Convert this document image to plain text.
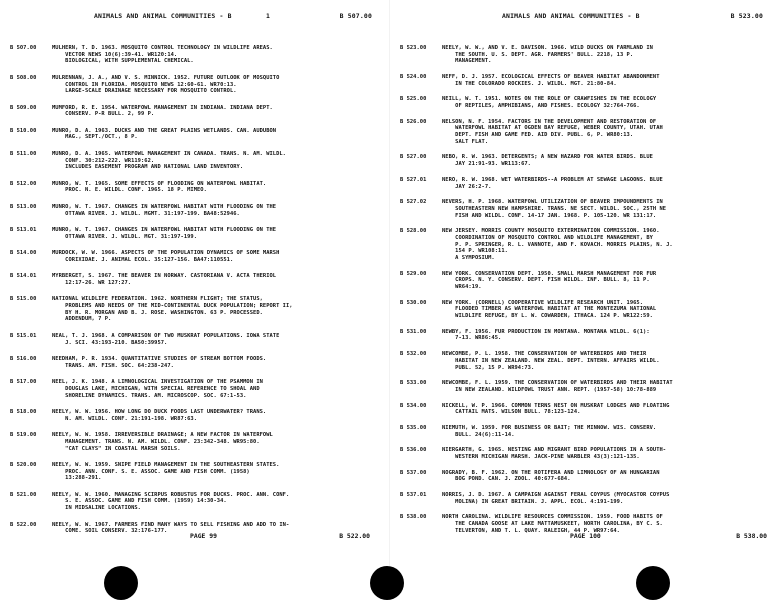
ANIMALS AND ANIMAL COMMUNITIES - B	1	B 507.00
B 507.00	MULHERN, T. D. 1963. MOSQUITO CONTROL TECHNOLOGY IN WILDLIFE AREAS.
VECTOR NEWS 10(6):39-41. WR120:14.
BIOLOGICAL, WITH SUPPLEMENTAL CHEMICAL.
B 508.00	MULRENNAN, J. A., AND V. S. MINNICK. 1952. FUTURE OUTLOOK OF MOSQUITO
CONTROL IN FLORIDA. MOSQUITO NEWS 12:60-61. WR70:13.
LARGE-SCALE DRAINAGE NECESSARY FOR MOSQUITO CONTROL.
B 509.00	MUMFORD, R. E. 1954. WATERFOWL MANAGEMENT IN INDIANA. INDIANA DEPT.
CONSERV. P-R BULL. 2, 99 P.
B 510.00	MUNRO, D. A. 1963. DUCKS AND THE GREAT PLAINS WETLANDS. CAN. AUDUBON
MAG., SEPT./OCT., 8 P.
B 511.00	MUNRO, D. A. 1965. WATERFOWL MANAGEMENT IN CANADA. TRANS. N. AM. WILDL.
CONF. 30:212-222. WR119:62.
INCLUDES EASEMENT PROGRAM AND NATIONAL LAND INVENTORY.
B 512.00	MUNRO, W. T. 1965. SOME EFFECTS OF FLOODING ON WATERFOWL HABITAT.
PROC. N. E. WILDL. CONF. 1965. 18 P. MIMEO.
B 513.00	MUNRO, W. T. 1967. CHANGES IN WATERFOWL HABITAT WITH FLOODING ON THE
OTTAWA RIVER. J. WILDL. MGMT. 31:197-199. BA48:52946.
B 513.01	MUNRO, W. T. 1967. CHANGES IN WATERFOWL HABITAT WITH FLOODING ON THE
OTTAWA RIVER. J. WILDL. MGT. 31:197-199.
B 514.00	MURDOCK, W. W. 1966. ASPECTS OF THE POPULATION DYNAMICS OF SOME MARSH
CORIXIDAE. J. ANIMAL ECOL. 35:127-156. BA47:110551.
B 514.01	MYRBERGET, S. 1967. THE BEAVER IN NORWAY. CASTORIANA V. ACTA THERIOL
12:17-26. WR 127:27.
B 515.00	NATIONAL WILDLIFE FEDERATION. 1962. NORTHERN FLIGHT; THE STATUS,
PROBLEMS AND NEEDS OF THE MID-CONTINENTAL DUCK POPULATION; REPORT II,
BY H. R. MORGAN AND B. J. ROSE. WASHINGTON. 63 P. PROCESSED.
ADDENDUM, 7 P.
B 515.01	NEAL, T. J. 1968. A COMPARISON OF TWO MUSKRAT POPULATIONS. IOWA STATE
J. SCI. 43:193-210. BA50:39957.
B 516.00	NEEDHAM, P. R. 1934. QUANTITATIVE STUDIES OF STREAM BOTTOM FOODS.
TRANS. AM. FISH. SOC. 64:238-247.
B 517.00	NEEL, J. K. 1948. A LIMNOLOGICAL INVESTIGATION OF THE PSAMMON IN
DOUGLAS LAKE, MICHIGAN, WITH SPECIAL REFERENCE TO SHOAL AND
SHORELINE DYNAMICS. TRANS. AM. MICROSCOP. SOC. 67:1-53.
B 518.00	NEELY, W. W. 1956. HOW LONG DO DUCK FOODS LAST UNDERWATER? TRANS.
N. AM. WILDL. CONF. 21:191-198. WR87:63.
B 519.00	NEELY, W. W. 1958. IRREVERSIBLE DRAINAGE; A NEW FACTOR IN WATERFOWL
MANAGEMENT. TRANS. N. AM. WILDL. CONF. 23:342-348. WR95:80.
"CAT CLAYS" IN COASTAL MARSH SOILS.
B 520.00	NEELY, W. W. 1959. SNIPE FIELD MANAGEMENT IN THE SOUTHEASTERN STATES.
PROC. ANN. CONF. S. E. ASSOC. GAME AND FISH COMM. (1958)
13:288-291.
B 521.00	NEELY, W. W. 1960. MANAGING SCIRPUS ROBUSTUS FOR DUCKS. PROC. ANN. CONF.
S. E. ASSOC. GAME AND FISH COMM. (1959) 14:30-34.
IN MIDSALINE LOCATIONS.
B 522.00	NEELY, W. W. 1967. FARMERS FIND MANY WAYS TO SELL FISHING AND ADD TO IN-
COME. SOIL CONSERV. 32:176-177.
PAGE 99	B 522.00
ANIMALS AND ANIMAL COMMUNITIES - B	B 523.00
B 523.00	NEELY, W. W., AND V. E. DAVISON. 1966. WILD DUCKS ON FARMLAND IN
THE SOUTH. U. S. DEPT. AGR. FARMERS' BULL. 2218, 13 P.
MANAGEMENT.
B 524.00	NEFF, D. J. 1957. ECOLOGICAL EFFECTS OF BEAVER HABITAT ABANDONMENT
IN THE COLORADO ROCKIES. J. WILDL. MGT. 21:80-84.
B 525.00	NEILL, W. T. 1951. NOTES ON THE ROLE OF CRAWFISHES IN THE ECOLOGY
OF REPTILES, AMPHIBIANS, AND FISHES. ECOLOGY 32:764-766.
B 526.00	NELSON, N. F. 1954. FACTORS IN THE DEVELOPMENT AND RESTORATION OF
WATERFOWL HABITAT AT OGDEN BAY REFUGE, WEBER COUNTY, UTAH. UTAH
DEPT. FISH AND GAME FED. AID DIV. PUBL. 6, P. WR80:13.
SALT FLAT.
B 527.00	NEBO, R. W. 1963. DETERGENTS; A NEW HAZARD FOR WATER BIRDS. BLUE
JAY 21:91-93. WR113:67.
B 527.01	NERO, R. W. 1968. WET WATERBIRDS--A PROBLEM AT SEWAGE LAGOONS. BLUE
JAY 26:2-7.
B 527.02	NEVERS, H. P. 1968. WATERFOWL UTILIZATION OF BEAVER IMPOUNDMENTS IN
SOUTHEASTERN NEW HAMPSHIRE. TRANS. NE SECT. WILDL. SOC., 25TH NE
FISH AND WILDL. CONF. 14-17 JAN. 1968. P. 105-120. WR 131:17.
B 528.00	NEW JERSEY. MORRIS COUNTY MOSQUITO EXTERMINATION COMMISSION. 1960.
COORDINATION OF MOSQUITO CONTROL AND WILDLIFE MANAGEMENT, BY
P. P. SPRINGER, R. L. VANNOTE, AND F. KOVACH. MORRIS PLAINS, N. J.
154 P. WR108:11.
A SYMPOSIUM.
B 529.00	NEW YORK. CONSERVATION DEPT. 1950. SMALL MARSH MANAGEMENT FOR FUR
CROPS. N. Y. CONSERV. DEPT. FISH WILDL. INF. BULL. 8, 11 P.
WR64:19.
B 530.00	NEW YORK. (CORNELL) COOPERATIVE WILDLIFE RESEARCH UNIT. 1965.
FLOODED TIMBER AS WATERFOWL HABITAT AT THE MONTEZUMA NATIONAL
WILDLIFE REFUGE, BY L. W. COWARDEN, ITHACA. 124 P. WR122:59.
B 531.00	NEWBY, F. 1956. FUR PRODUCTION IN MONTANA. MONTANA WILDL. 6(1):
7-13. WR86:45.
B 532.00	NEWCOMBE, P. L. 1958. THE CONSERVATION OF WATERBIRDS AND THEIR
HABITAT IN NEW ZEALAND. NEW ZEAL. DEPT. INTERN. AFFAIRS WILDL.
PUBL. 52, 15 P. WR94:73.
B 533.00	NEWCOMBE, F. L. 1959. THE CONSERVATION OF WATERBIRDS AND THEIR HABITAT
IN NEW ZEALAND. WILDFOWL TRUST ANN. REPT. (1957-58) 10:78-889
B 534.00	NICKELL, W. P. 1966. COMMON TERNS NEST ON MUSKRAT LODGES AND FLOATING
CATTAIL MATS. WILSON BULL. 78:123-124.
B 535.00	NIEMUTH, W. 1959. FOR BUSINESS OR BAIT; THE MINNOW. WIS. CONSERV.
BULL. 24(6):11-14.
B 536.00	NIERGARTH, G. 1965. NESTING AND MIGRANT BIRD POPULATIONS IN A SOUTH-
WESTERN MICHIGAN MARSH. JACK-PINE WARBLER 43(3):121-135.
B 537.00	NOGRADY, B. F. 1962. ON THE ROTIFERA AND LIMNOLOGY OF AN HUNGARIAN
BOG POND. CAN. J. ZOOL. 40:677-684.
B 537.01	NORRIS, J. D. 1967. A CAMPAIGN AGAINST FERAL COYPUS (MYOCASTOR COYPUS
MOLINA) IN GREAT BRITAIN. J. APPL. ECOL. 4:191-199.
B 538.00	NORTH CAROLINA. WILDLIFE RESOURCES COMMISSION. 1959. FOOD HABITS OF
THE CANADA GOOSE AT LAKE MATTAMUSKEET, NORTH CAROLINA, BY C. S.
TELVERTON, AND T. L. QUAY. RALEIGH, 44 P. WR97:64.
PAGE 100	B 538.00
